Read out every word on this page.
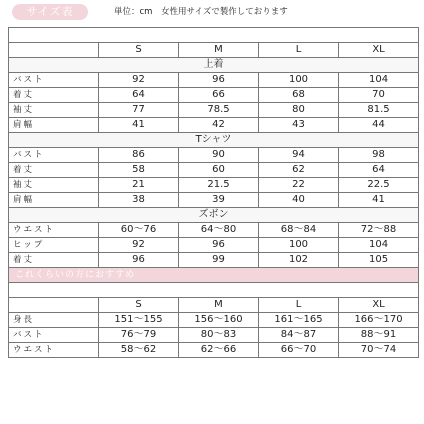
サイズ表	単位：cm　女性用サイズで製作しております

	S	M	L	XL
上着				
バスト	92	96	100	104
着丈	64	66	68	70
袖丈	77	78.5	80	81.5
肩幅	41	42	43	44
Tシャツ				
バスト	86	90	94	98
着丈	58	60	62	64
袖丈	21	21.5	22	22.5
肩幅	38	39	40	41
ズボン				
ウエスト	60～76	64～80	68～84	72～88
ヒップ	92	96	100	104
着丈	96	99	102	105
これくらいの方におすすめ				

	S	M	L	XL
身長	151～155	156～160	161～165	166～170
バスト	76～79	80～83	84～87	88～91
ウエスト	58～62	62～66	66～70	70～74
